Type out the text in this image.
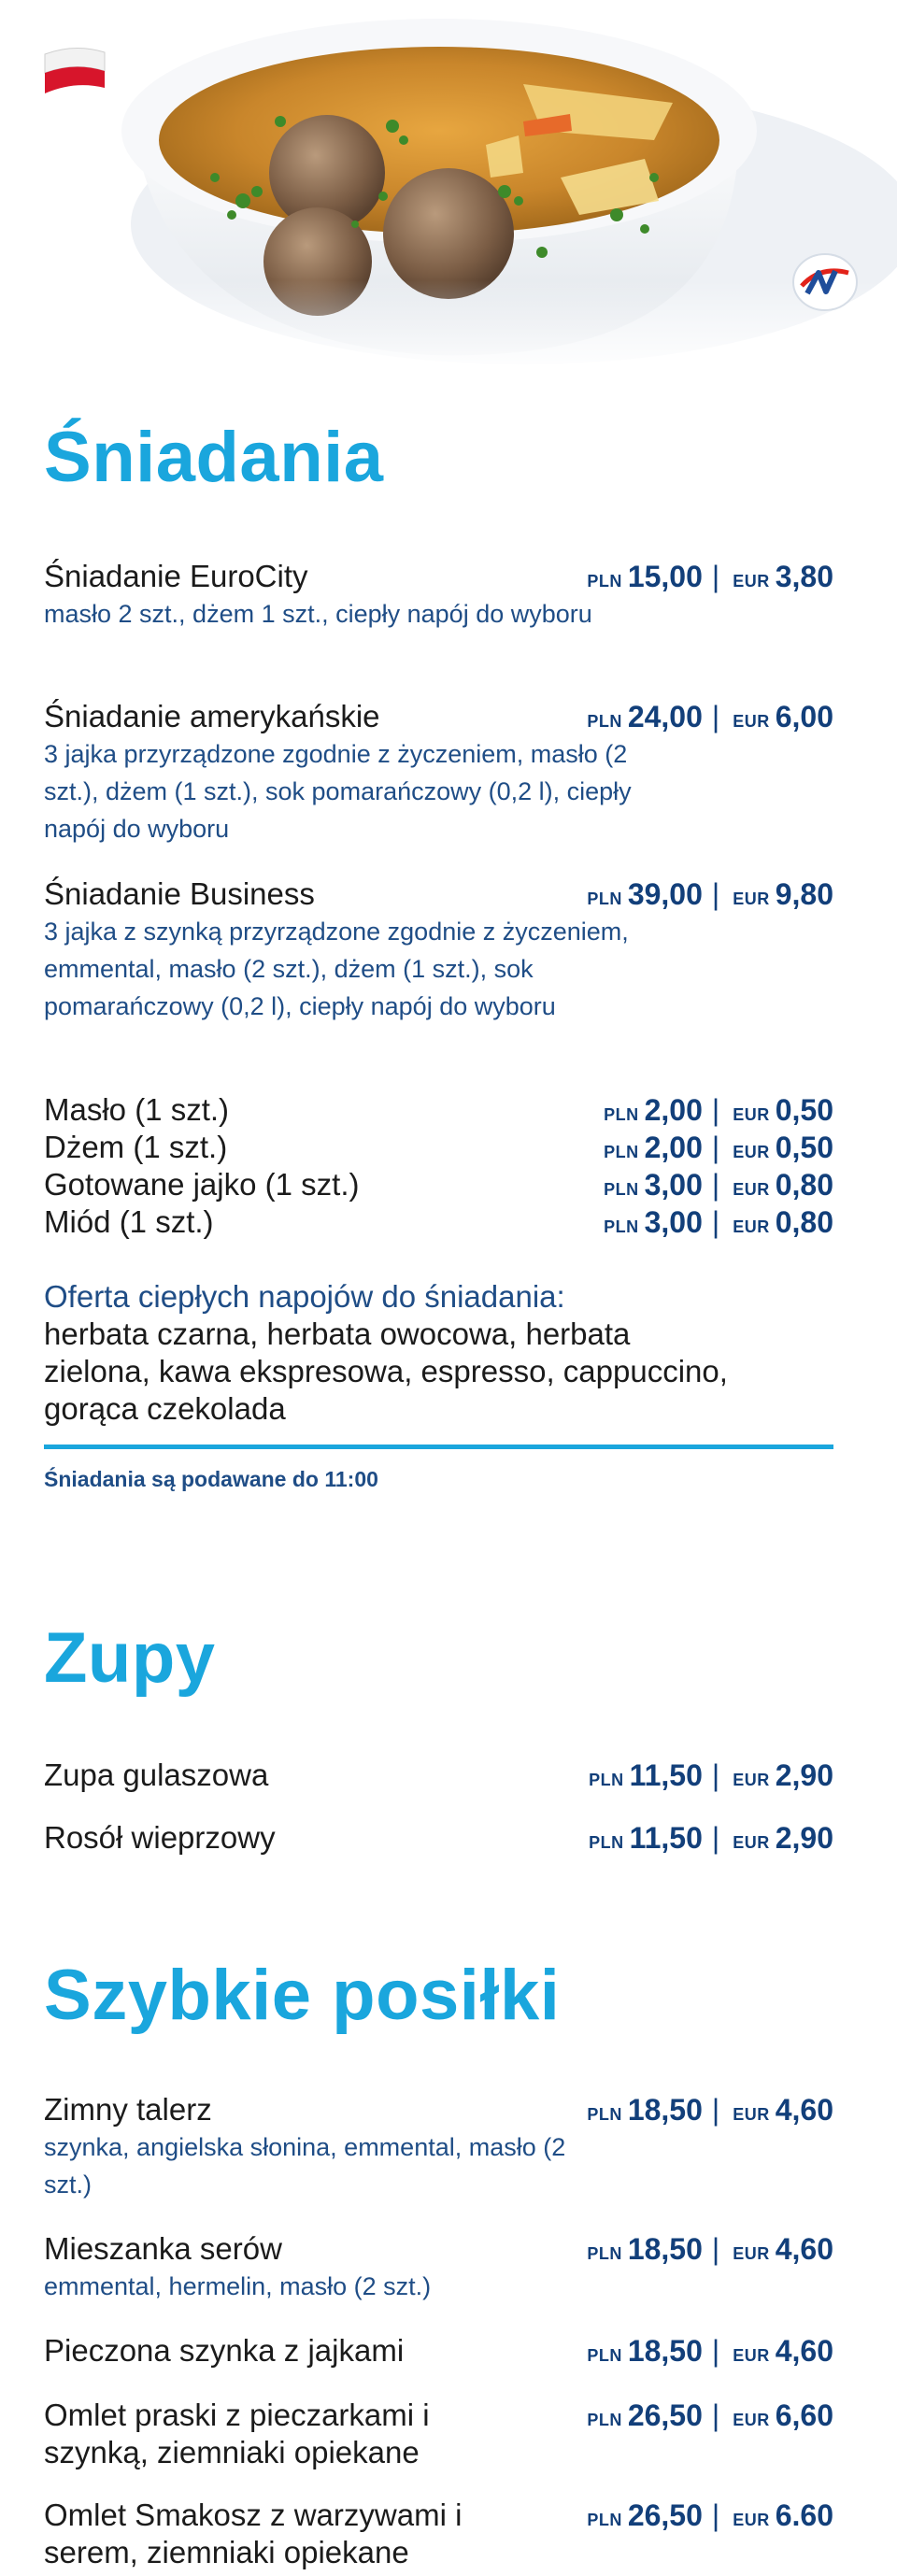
Śniadania
Śniadanie EuroCity
masło 2 szt., dżem 1 szt., ciepły napój do wyboru
PLN 15,00 | EUR 3,80
Śniadanie amerykańskie
3 jajka przyrządzone zgodnie z życzeniem, masło (2 szt.), dżem (1 szt.), sok pomarańczowy (0,2 l), ciepły napój do wyboru
PLN 24,00 | EUR 6,00
Śniadanie Business
3 jajka z szynką przyrządzone zgodnie z życzeniem, emmental, masło (2 szt.), dżem (1 szt.), sok pomarańczowy (0,2 l), ciepły napój do wyboru
PLN 39,00 | EUR 9,80
Masło (1 szt.)	PLN 2,00 | EUR 0,50
Dżem (1 szt.)	PLN 2,00 | EUR 0,50
Gotowane jajko (1 szt.)	PLN 3,00 | EUR 0,80
Miód (1 szt.)	PLN 3,00 | EUR 0,80
Oferta ciepłych napojów do śniadania:
herbata czarna, herbata owocowa, herbata zielona, kawa ekspresowa, espresso, cappuccino, gorąca czekolada
Śniadania są podawane do 11:00
Zupy
Zupa gulaszowa	PLN 11,50 | EUR 2,90
Rosół wieprzowy	PLN 11,50 | EUR 2,90
Szybkie posiłki
Zimny talerz
szynka, angielska słonina, emmental, masło (2 szt.)
PLN 18,50 | EUR 4,60
Mieszanka serów
emmental, hermelin, masło (2 szt.)
PLN 18,50 | EUR 4,60
Pieczona szynka z jajkami	PLN 18,50 | EUR 4,60
Omlet praski z pieczarkami i szynką, ziemniaki opiekane
PLN 26,50 | EUR 6,60
Omlet Smakosz z warzywami i serem, ziemniaki opiekane
PLN 26,50 | EUR 6.60
